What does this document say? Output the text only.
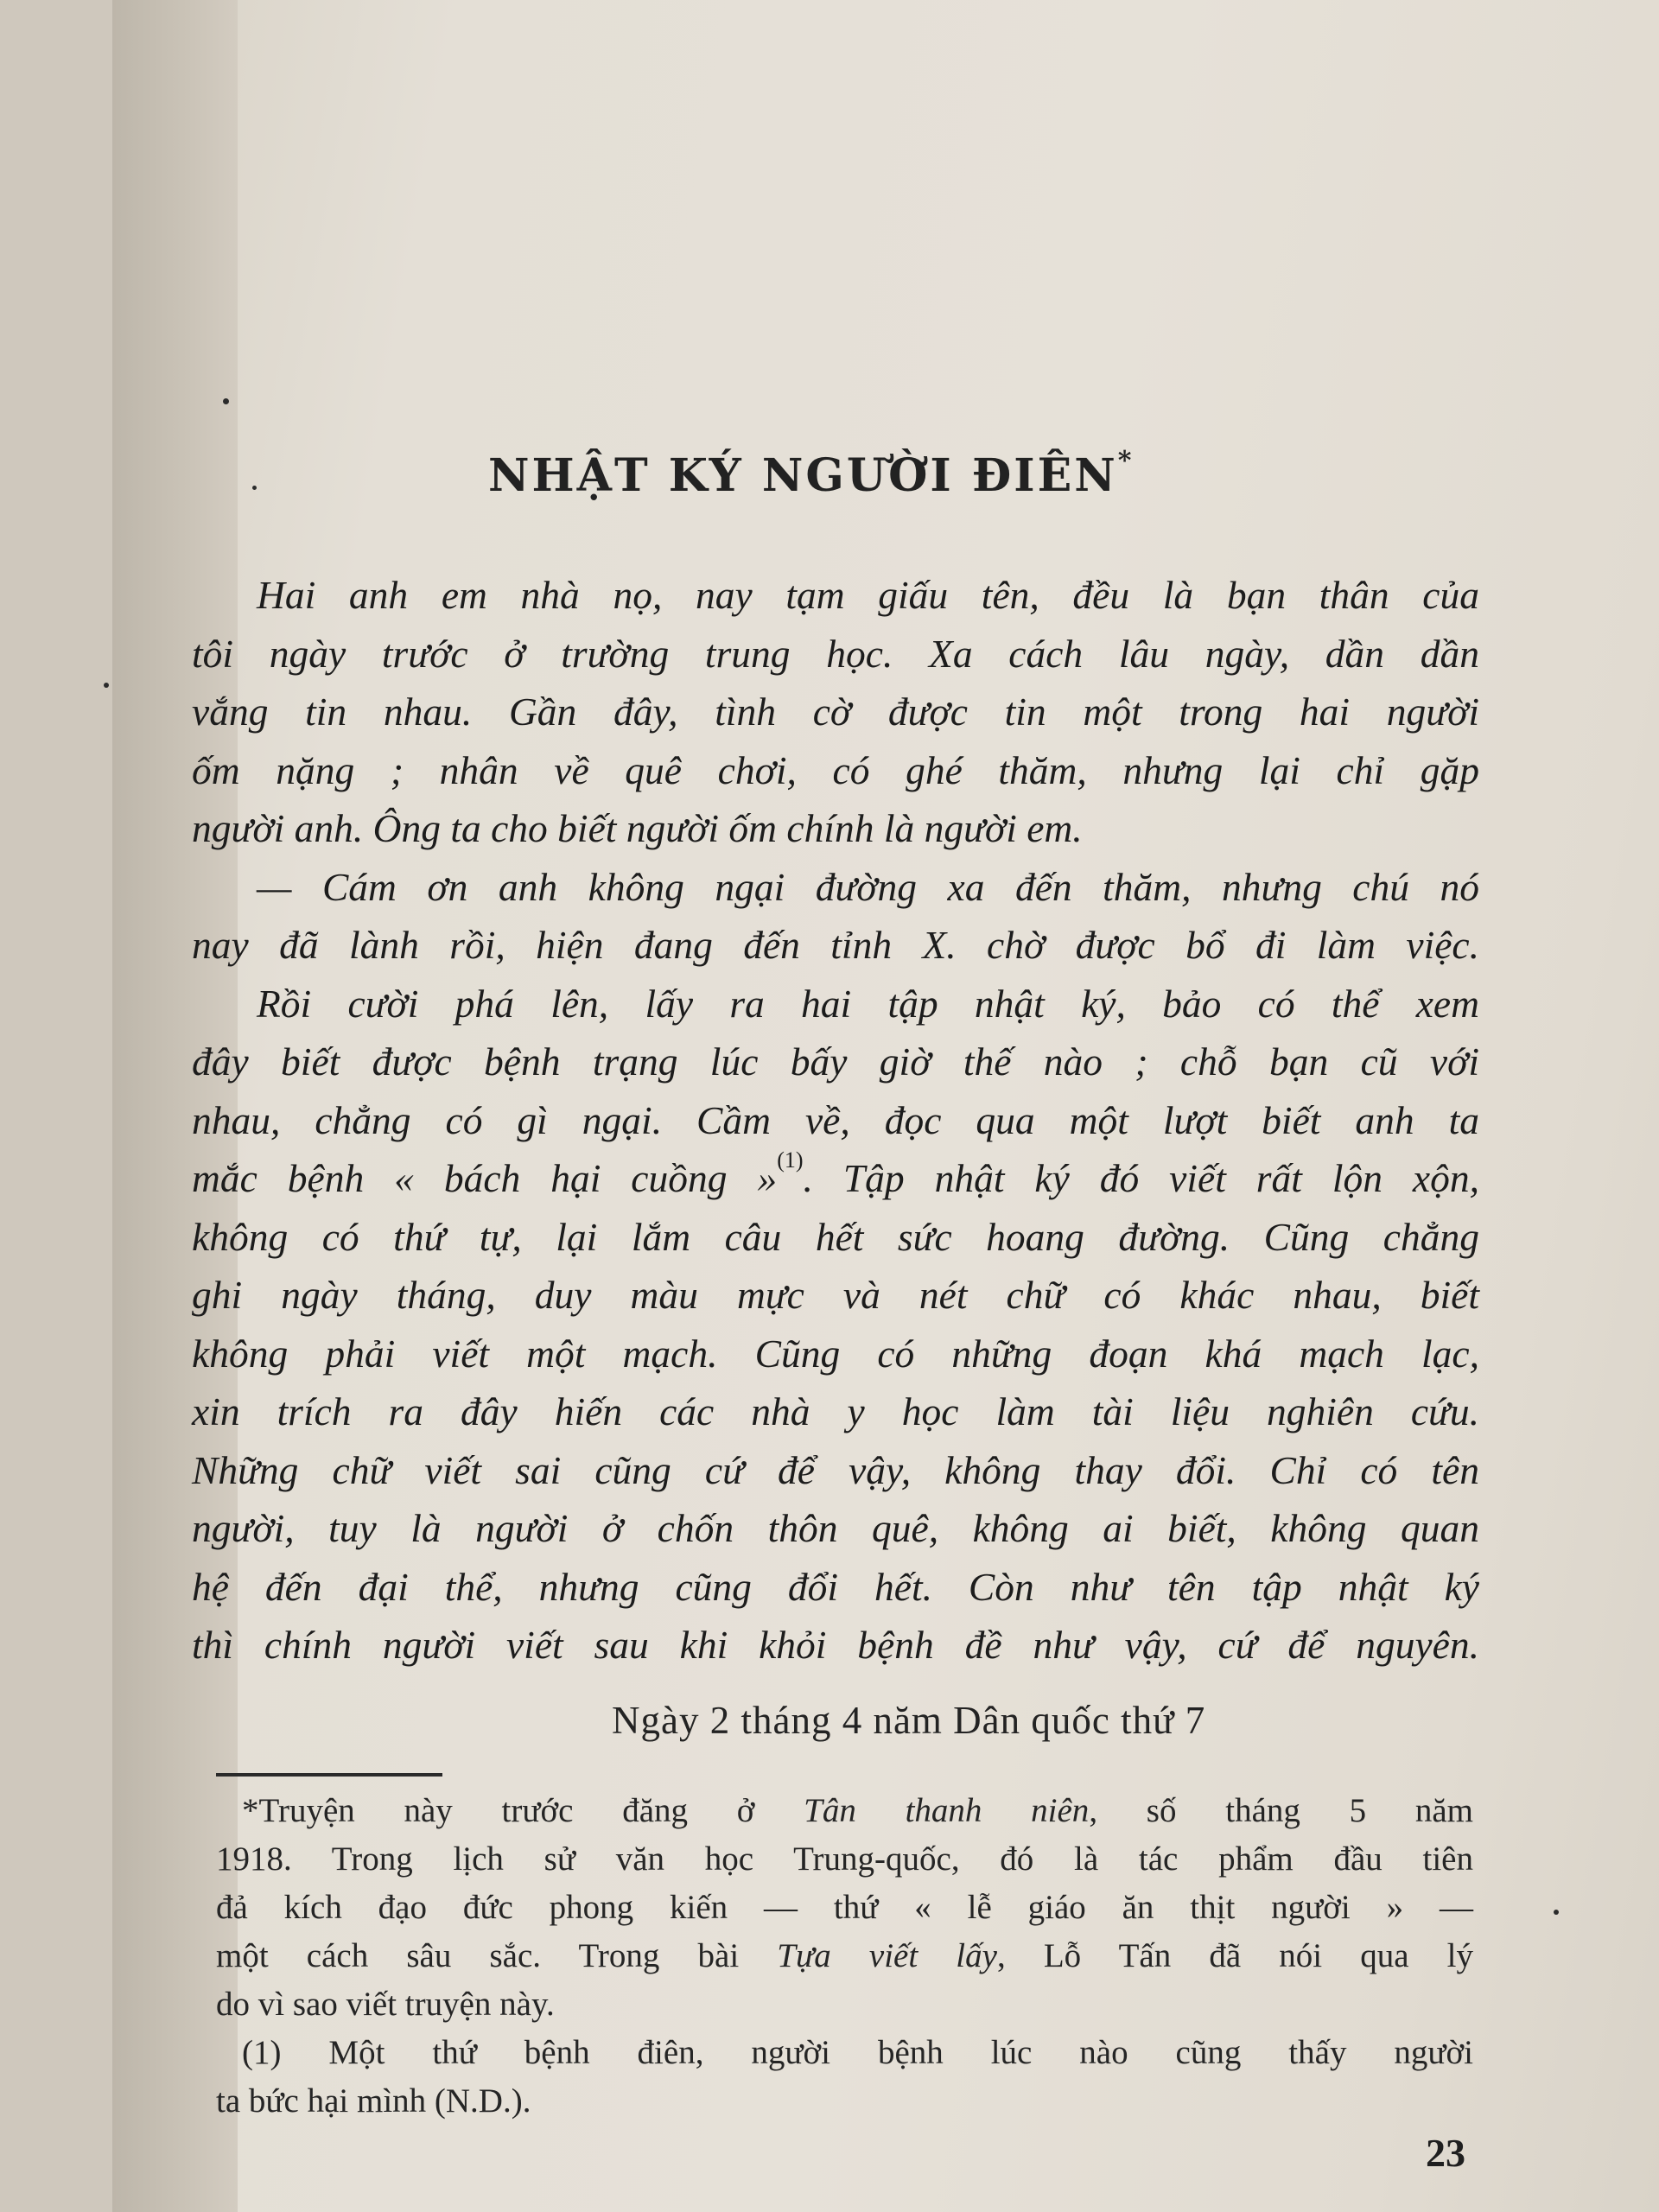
NHẬT KÝ NGƯỜI ĐIÊN*
Hai anh em nhà nọ, nay tạm giấu tên, đều là bạn thân của
tôi ngày trước ở trường trung học. Xa cách lâu ngày, dần dần
vắng tin nhau. Gần đây, tình cờ được tin một trong hai người
ốm nặng ; nhân về quê chơi, có ghé thăm, nhưng lại chỉ gặp
người anh. Ông ta cho biết người ốm chính là người em.
— Cám ơn anh không ngại đường xa đến thăm, nhưng chú nó
nay đã lành rồi, hiện đang đến tỉnh X. chờ được bổ đi làm việc.
Rồi cười phá lên, lấy ra hai tập nhật ký, bảo có thể xem
đây biết được bệnh trạng lúc bấy giờ thế nào ; chỗ bạn cũ với
nhau, chẳng có gì ngại. Cầm về, đọc qua một lượt biết anh ta
mắc bệnh « bách hại cuồng »$^{(1)}$. Tập nhật ký đó viết rất lộn xộn,
không có thứ tự, lại lắm câu hết sức hoang đường. Cũng chẳng
ghi ngày tháng, duy màu mực và nét chữ có khác nhau, biết
không phải viết một mạch. Cũng có những đoạn khá mạch lạc,
xin trích ra đây hiến các nhà y học làm tài liệu nghiên cứu.
Những chữ viết sai cũng cứ để vậy, không thay đổi. Chỉ có tên
người, tuy là người ở chốn thôn quê, không ai biết, không quan
hệ đến đại thể, nhưng cũng đổi hết. Còn như tên tập nhật ký
thì chính người viết sau khi khỏi bệnh đề như vậy, cứ để nguyên.
Ngày 2 tháng 4 năm Dân quốc thứ 7
*Truyện này trước đăng ở Tân thanh niên, số tháng 5 năm
1918. Trong lịch sử văn học Trung-quốc, đó là tác phẩm đầu tiên
đả kích đạo đức phong kiến — thứ « lễ giáo ăn thịt người » —
một cách sâu sắc. Trong bài Tựa viết lấy, Lỗ Tấn đã nói qua lý
do vì sao viết truyện này.
(1) Một thứ bệnh điên, người bệnh lúc nào cũng thấy người
ta bức hại mình (N.D.).
23
